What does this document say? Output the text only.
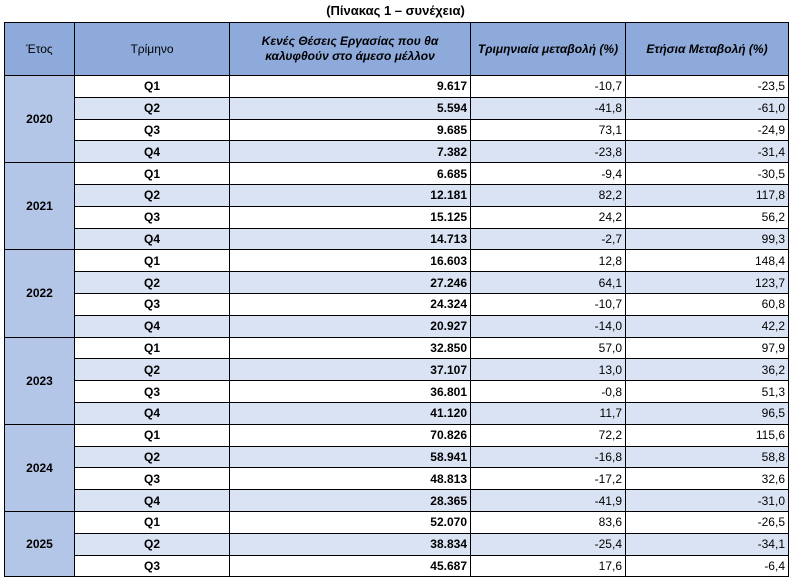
(Πίνακας 1 – συνέχεια)
Έτος	Τρίμηνο	Κενές Θέσεις Εργασίας που θα καλυφθούν στο άμεσο μέλλον	Τριμηνιαία μεταβολή (%)	Ετήσια Μεταβολή (%)
2020	Q1	9.617	-10,7	-23,5
	Q2	5.594	-41,8	-61,0
	Q3	9.685	73,1	-24,9
	Q4	7.382	-23,8	-31,4
2021	Q1	6.685	-9,4	-30,5
	Q2	12.181	82,2	117,8
	Q3	15.125	24,2	56,2
	Q4	14.713	-2,7	99,3
2022	Q1	16.603	12,8	148,4
	Q2	27.246	64,1	123,7
	Q3	24.324	-10,7	60,8
	Q4	20.927	-14,0	42,2
2023	Q1	32.850	57,0	97,9
	Q2	37.107	13,0	36,2
	Q3	36.801	-0,8	51,3
	Q4	41.120	11,7	96,5
2024	Q1	70.826	72,2	115,6
	Q2	58.941	-16,8	58,8
	Q3	48.813	-17,2	32,6
	Q4	28.365	-41,9	-31,0
2025	Q1	52.070	83,6	-26,5
	Q2	38.834	-25,4	-34,1
	Q3	45.687	17,6	-6,4
